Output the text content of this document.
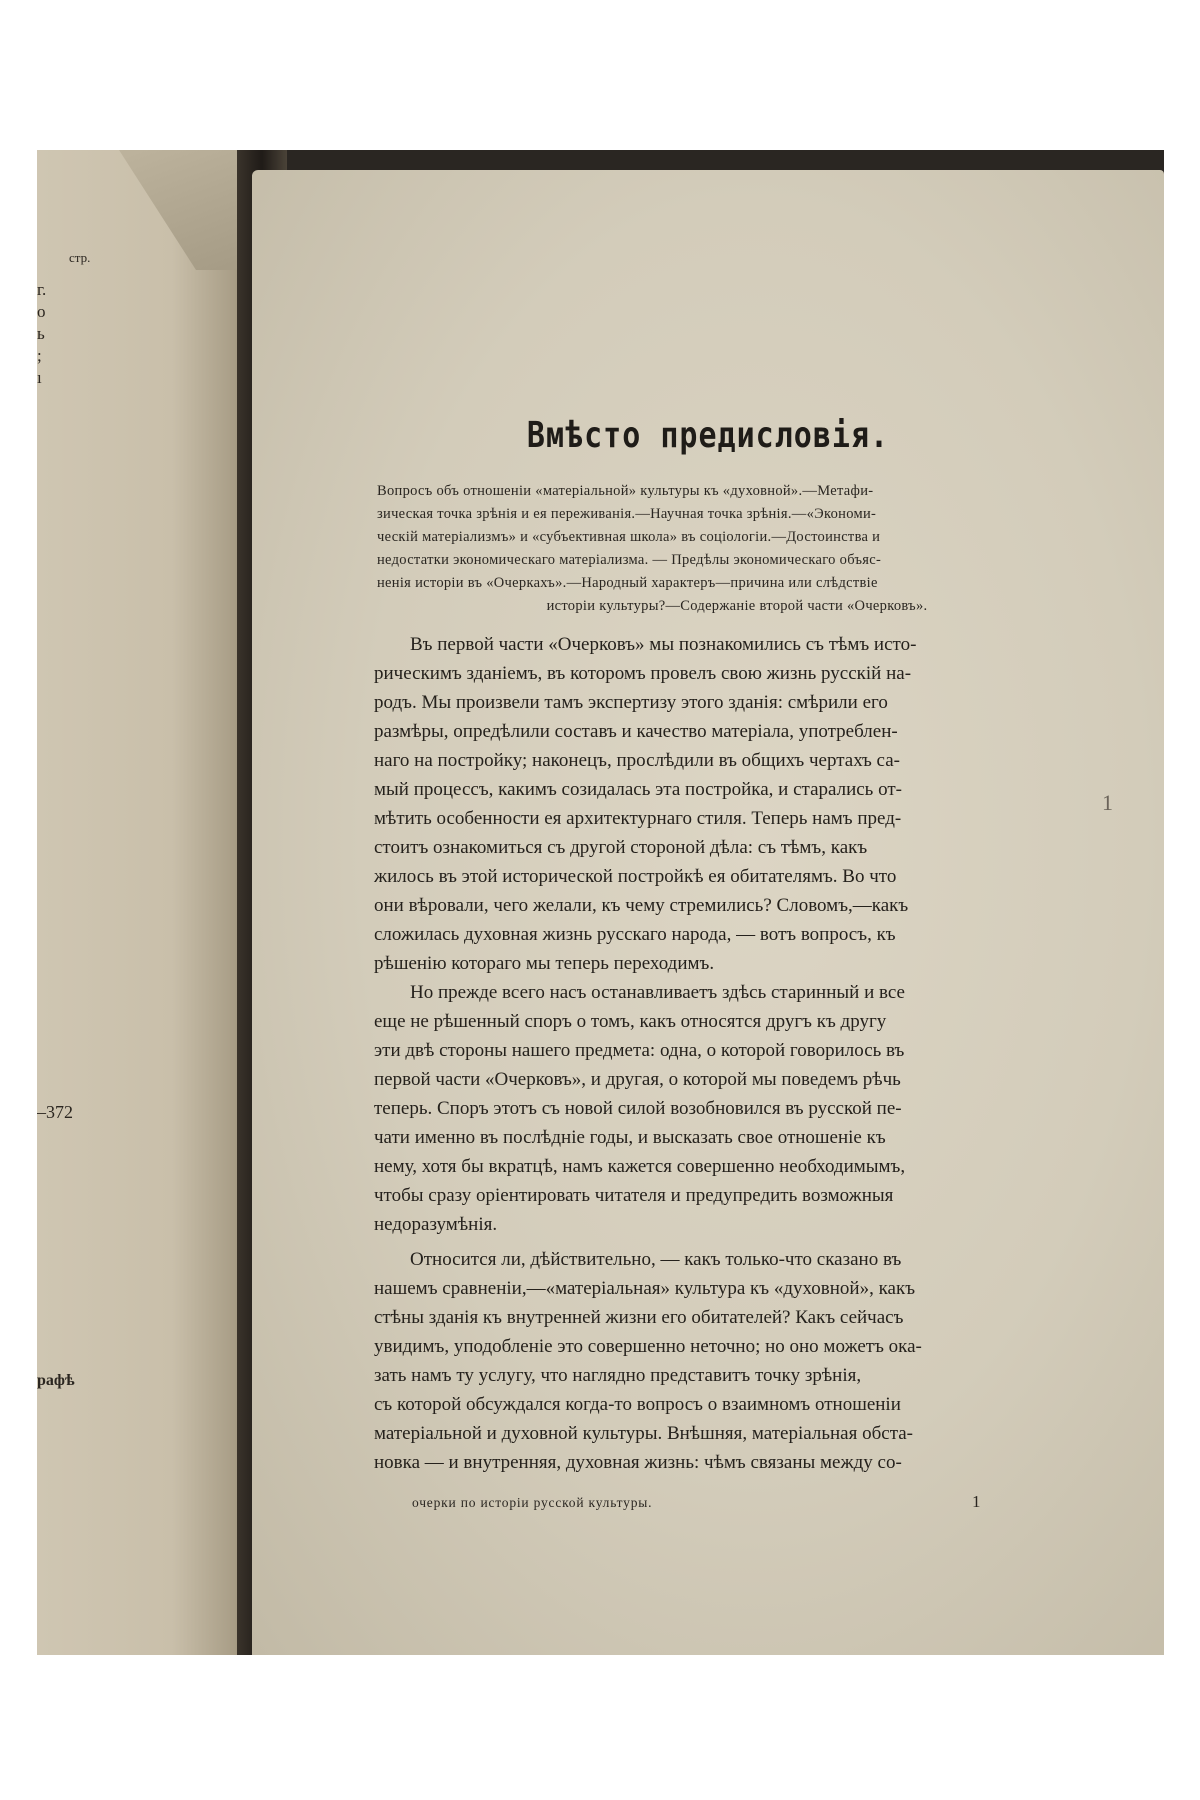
стр.
г.
о
ь
;
ı
–372
рафѣ
Вмѣсто предисловія.
Вопросъ объ отношеніи «матеріальной» культуры къ «духовной».—Метафи-
зическая точка зрѣнія и ея переживанія.—Научная точка зрѣнія.—«Экономи-
ческій матеріализмъ» и «субъективная школа» въ соціологіи.—Достоинства и
недостатки экономическаго матеріализма. — Предѣлы экономическаго объяс-
ненія исторіи въ «Очеркахъ».—Народный характеръ—причина или слѣдствіе
исторіи культуры?—Содержаніе второй части «Очерковъ».
Въ первой части «Очерковъ» мы познакомились съ тѣмъ исто-
рическимъ зданіемъ, въ которомъ провелъ свою жизнь русскій на-
родъ. Мы произвели тамъ экспертизу этого зданія: смѣрили его
размѣры, опредѣлили составъ и качество матеріала, употреблен-
наго на постройку; наконецъ, прослѣдили въ общихъ чертахъ са-
мый процессъ, какимъ созидалась эта постройка, и старались от-
мѣтить особенности ея архитектурнаго стиля. Теперь намъ пред-
стоитъ ознакомиться съ другой стороной дѣла: съ тѣмъ, какъ
жилось въ этой исторической постройкѣ ея обитателямъ. Во что
они вѣровали, чего желали, къ чему стремились? Словомъ,—какъ
сложилась духовная жизнь русскаго народа, — вотъ вопросъ, къ
рѣшенію котораго мы теперь переходимъ.
Но прежде всего насъ останавливаетъ здѣсь старинный и все
еще не рѣшенный споръ о томъ, какъ относятся другъ къ другу
эти двѣ стороны нашего предмета: одна, о которой говорилось въ
первой части «Очерковъ», и другая, о которой мы поведемъ рѣчь
теперь. Споръ этотъ съ новой силой возобновился въ русской пе-
чати именно въ послѣдніе годы, и высказать свое отношеніе къ
нему, хотя бы вкратцѣ, намъ кажется совершенно необходимымъ,
чтобы сразу оріентировать читателя и предупредить возможныя
недоразумѣнія.
Относится ли, дѣйствительно, — какъ только-что сказано въ
нашемъ сравненіи,—«матеріальная» культура къ «духовной», какъ
стѣны зданія къ внутренней жизни его обитателей? Какъ сейчасъ
увидимъ, уподобленіе это совершенно неточно; но оно можетъ ока-
зать намъ ту услугу, что наглядно представитъ точку зрѣнія,
съ которой обсуждался когда-то вопросъ о взаимномъ отношеніи
матеріальной и духовной культуры. Внѣшняя, матеріальная обста-
новка — и внутренняя, духовная жизнь: чѣмъ связаны между со-
1
очерки по исторіи русской культуры.	1
